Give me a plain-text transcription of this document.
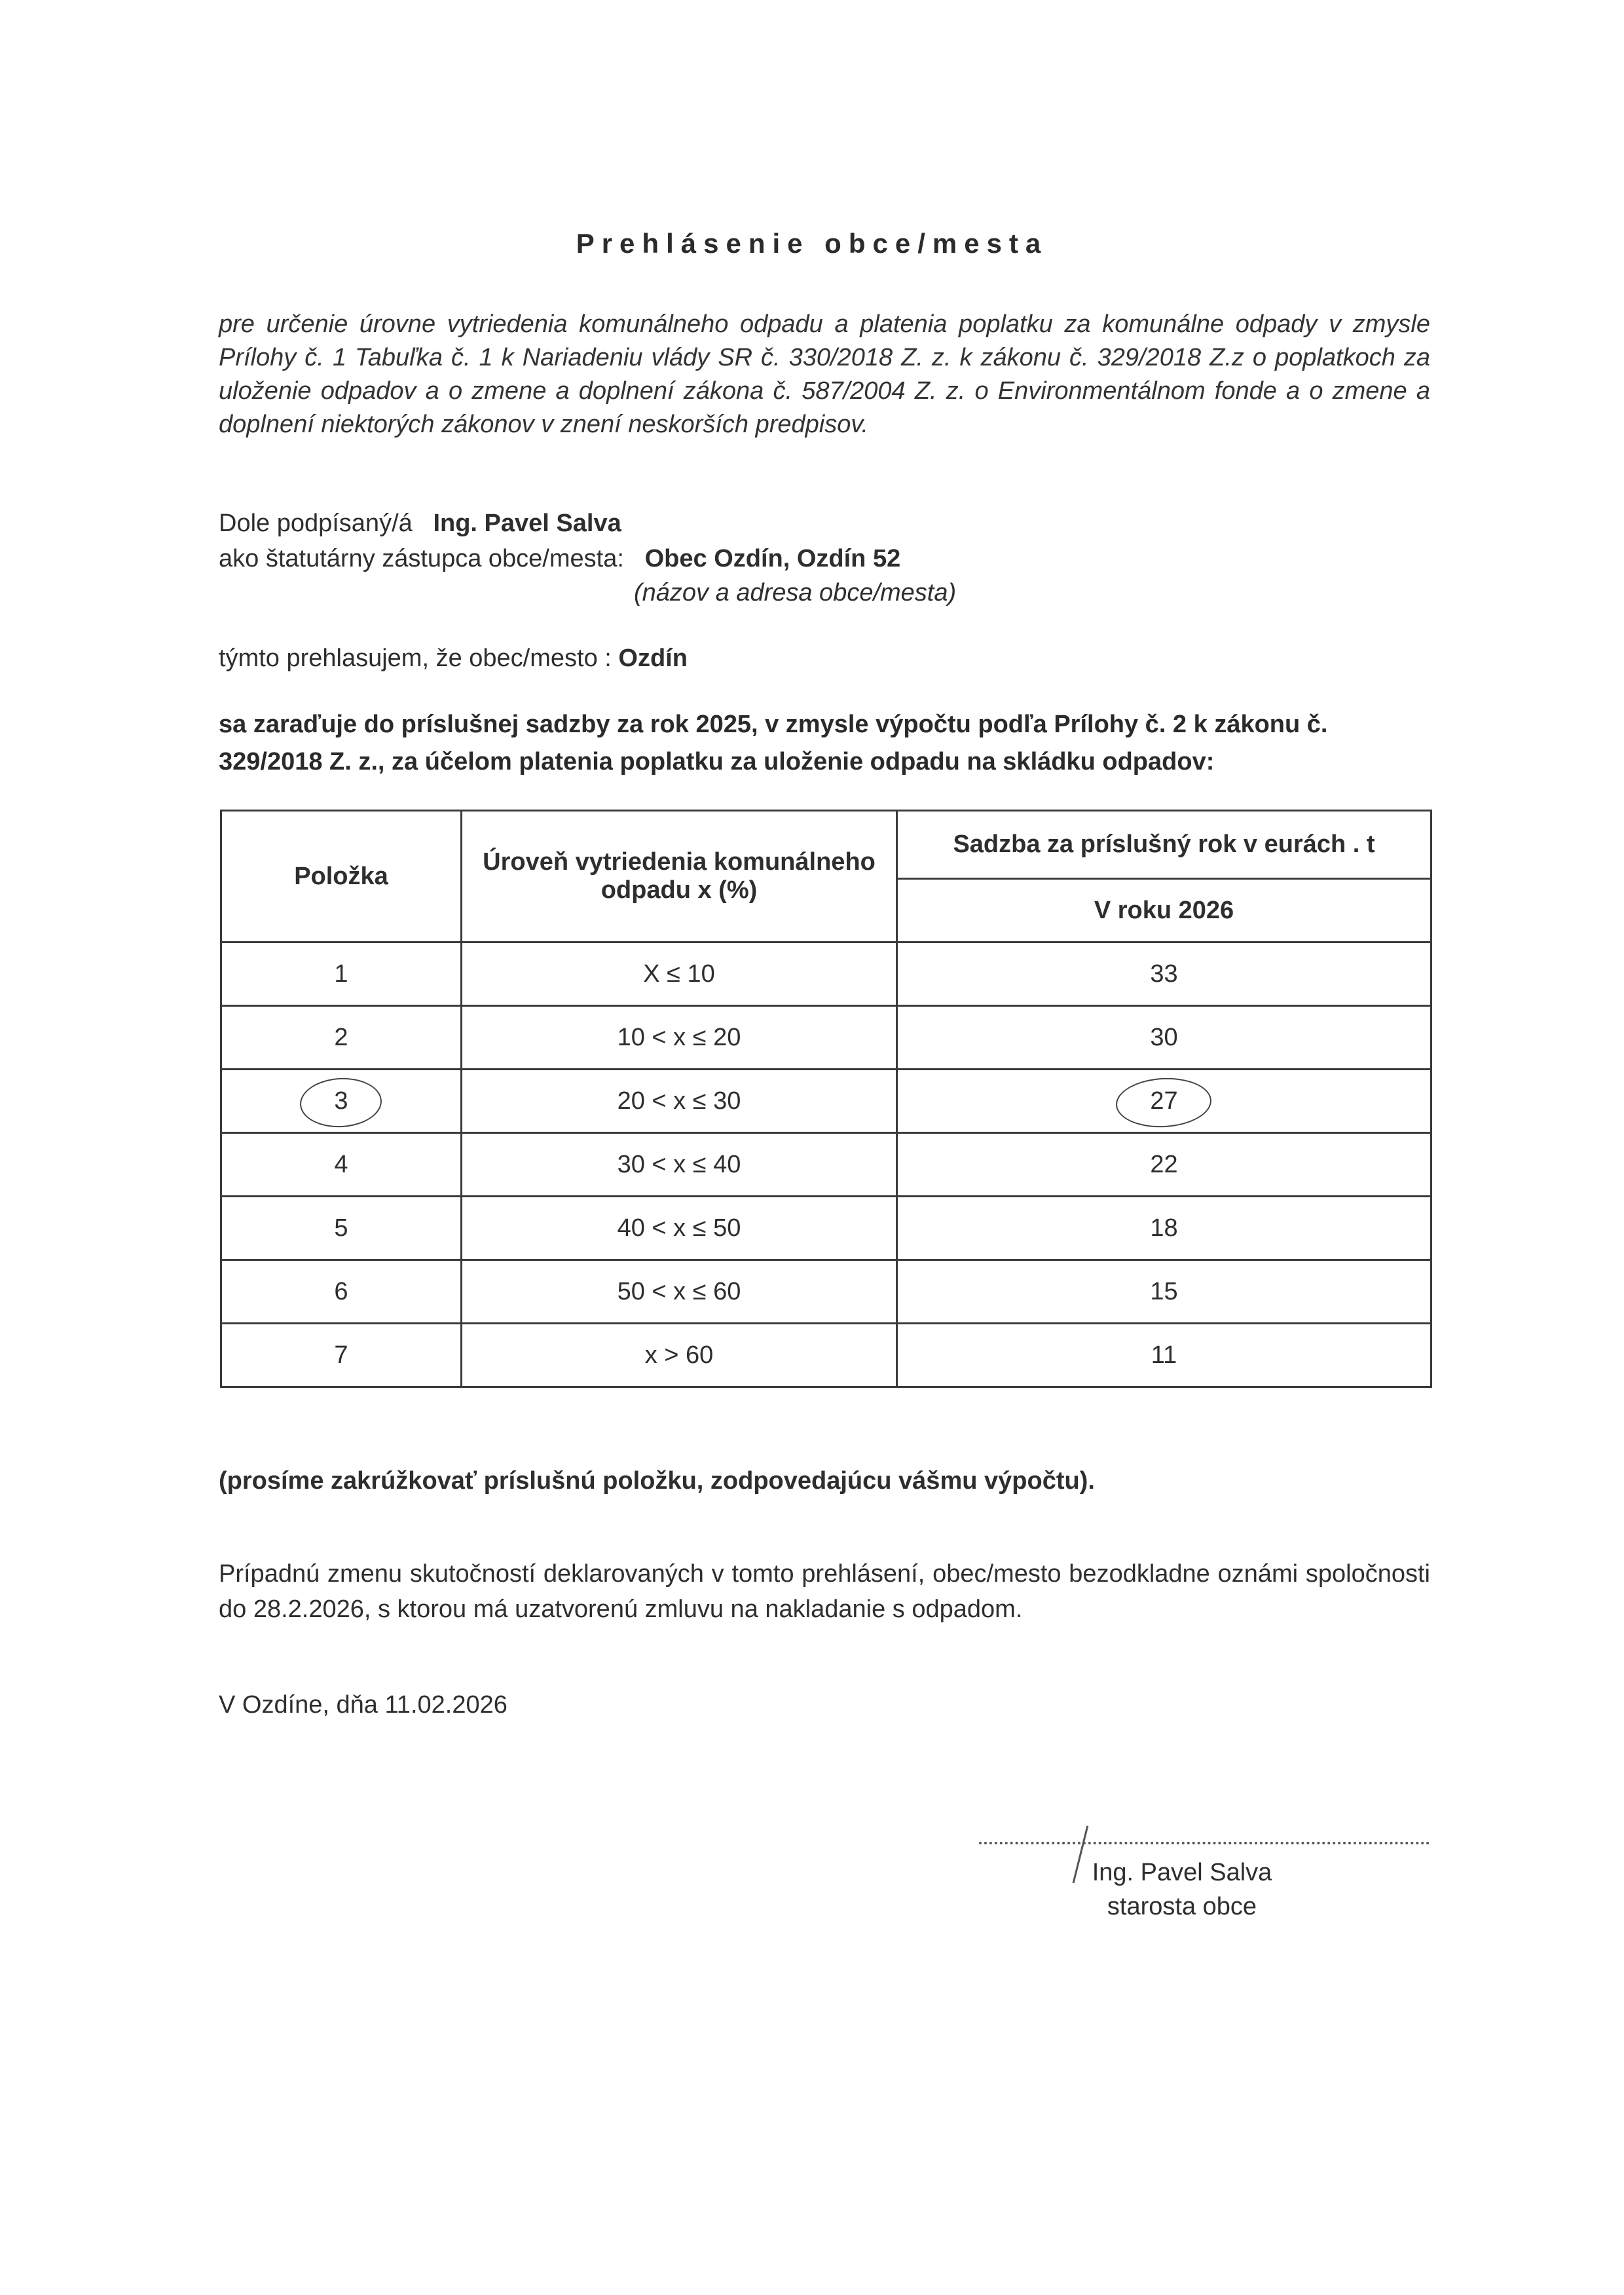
Prehlásenie obce/mesta
pre určenie úrovne vytriedenia komunálneho odpadu a platenia poplatku za komunálne odpady v zmysle Prílohy č. 1 Tabuľka č. 1 k Nariadeniu vlády SR č. 330/2018 Z. z. k zákonu č. 329/2018 Z.z o poplatkoch za uloženie odpadov a o zmene a doplnení zákona č. 587/2004 Z. z. o Environmentálnom fonde a o zmene a doplnení niektorých zákonov v znení neskorších predpisov.
Dole podpísaný/á Ing. Pavel Salva
ako štatutárny zástupca obce/mesta: Obec Ozdín, Ozdín 52
(názov a adresa obce/mesta)
týmto prehlasujem, že obec/mesto : Ozdín
sa zaraďuje do príslušnej sadzby za rok 2025, v zmysle výpočtu podľa Prílohy č. 2 k zákonu č. 329/2018 Z. z., za účelom platenia poplatku za uloženie odpadu na skládku odpadov:
Položka	Úroveň vytriedenia komunálneho odpadu x (%)	Sadzba za príslušný rok v eurách . t
		V roku 2026
1	X ≤ 10	33
2	10 < x ≤ 20	30
3	20 < x ≤ 30	27
4	30 < x ≤ 40	22
5	40 < x ≤ 50	18
6	50 < x ≤ 60	15
7	x > 60	11
(prosíme zakrúžkovať príslušnú položku, zodpovedajúcu vášmu výpočtu).
Prípadnú zmenu skutočností deklarovaných v tomto prehlásení, obec/mesto bezodkladne oznámi spoločnosti do 28.2.2026, s ktorou má uzatvorenú zmluvu na nakladanie s odpadom.
V Ozdíne, dňa 11.02.2026
Ing. Pavel Salva
starosta obce
